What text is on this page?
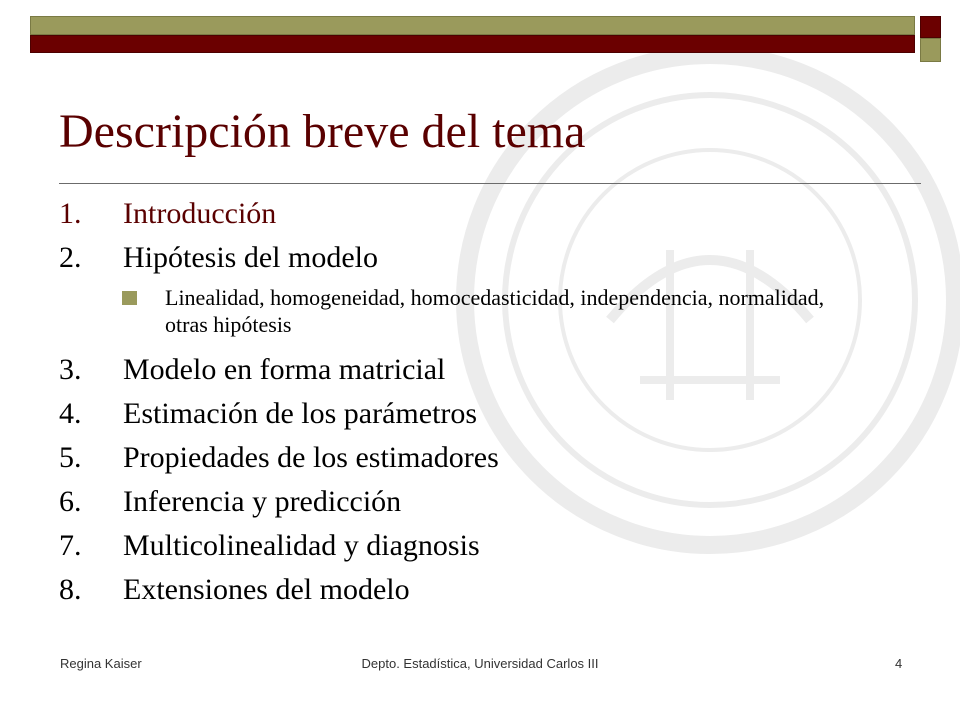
Descripción breve del tema
1.	Introducción
2.	Hipótesis del modelo
Linealidad, homogeneidad, homocedasticidad, independencia, normalidad, otras hipótesis
3.	Modelo en forma matricial
4.	Estimación de los parámetros
5.	Propiedades de los estimadores
6.	Inferencia y predicción
7.	Multicolinealidad y diagnosis
8.	Extensiones del modelo
Regina Kaiser	Depto. Estadística, Universidad Carlos III	4
